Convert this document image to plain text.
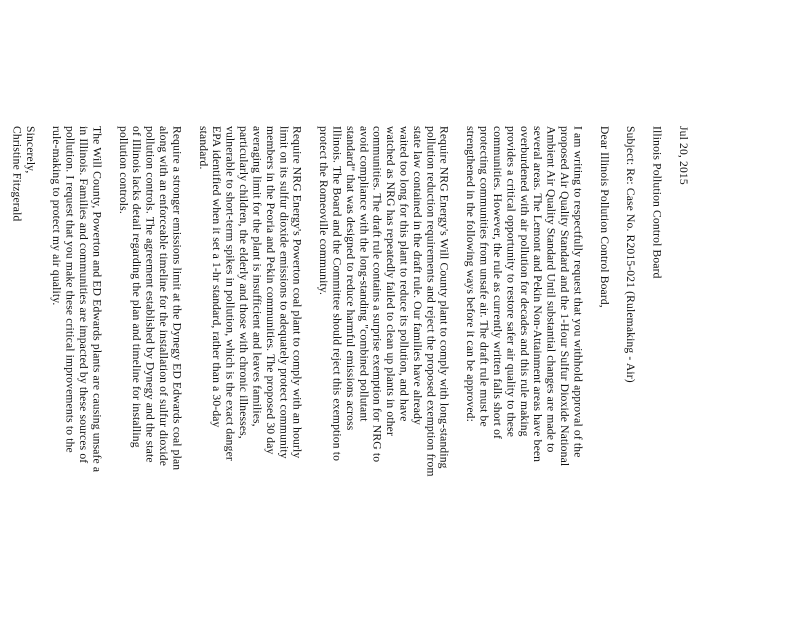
Jul 20, 2015
Illinois Pollution Control Board
Subject: Re: Case No. R2015-021 (Rulemaking - Air)
Dear Illinois Pollution Control Board,
I am writing to respectfully request that you withhold approval of the
proposed Air Quality Standard and the 1-Hour Sulfur Dioxide National
Ambient Air Quality Standard Until substantial changes are made to
several areas. The Lemont and Pekin Non-Attainment areas have been
overburdened with air pollution for decades and this rule making
provides a critical opportunity to restore safer air quality to these
communities. However, the rule as currently written falls short of
protecting communities from unsafe air. The draft rule must be
strengthened in the following ways before it can be approved:
Require NRG Energy's Will County plant to comply with long-standing
pollution reduction requirements and reject the proposed exemption from
state law contained in the draft rule. Our families have already
waited too long for this plant to reduce its pollution, and have
watched as NRG has repeatedly failed to clean up plants in other
communities. The draft rule contains a surprise exemption for NRG to
avoid compliance with the long-standing "combined pollutant
standard" that was designed to reduce harmful emissions across
Illinois. The Board and the Committee should reject this exemption to
protect the Romeoville community.
Require NRG Energy's Powerton coal plant to comply with an hourly
limit on its sulfur dioxide emissions to adequately protect community
members in the Peoria and Pekin communities. The proposed 30 day
averaging limit for the plant is insufficient and leaves families,
particularly children, the elderly and those with chronic illnesses,
vulnerable to short-term spikes in pollution, which is the exact danger
EPA identified when it set a 1-hr standard, rather than a 30-day
standard.
Require a stronger emissions limit at the Dynegy ED Edwards coal plan
along with an enforceable timeline for the installation of sulfur dioxide
pollution controls. The agreement established by Dynegy and the state
of Illinois lacks detail regarding the plan and timeline for installing
pollution controls.
The Will County, Powerton and ED Edwards plants are causing unsafe a
in Illinois. Families and communities are impacted by these sources of
pollution. I request that you make these critical improvements to the
rule-making to protect my air quality.
Sincerely,
Christine Fitzgerald
